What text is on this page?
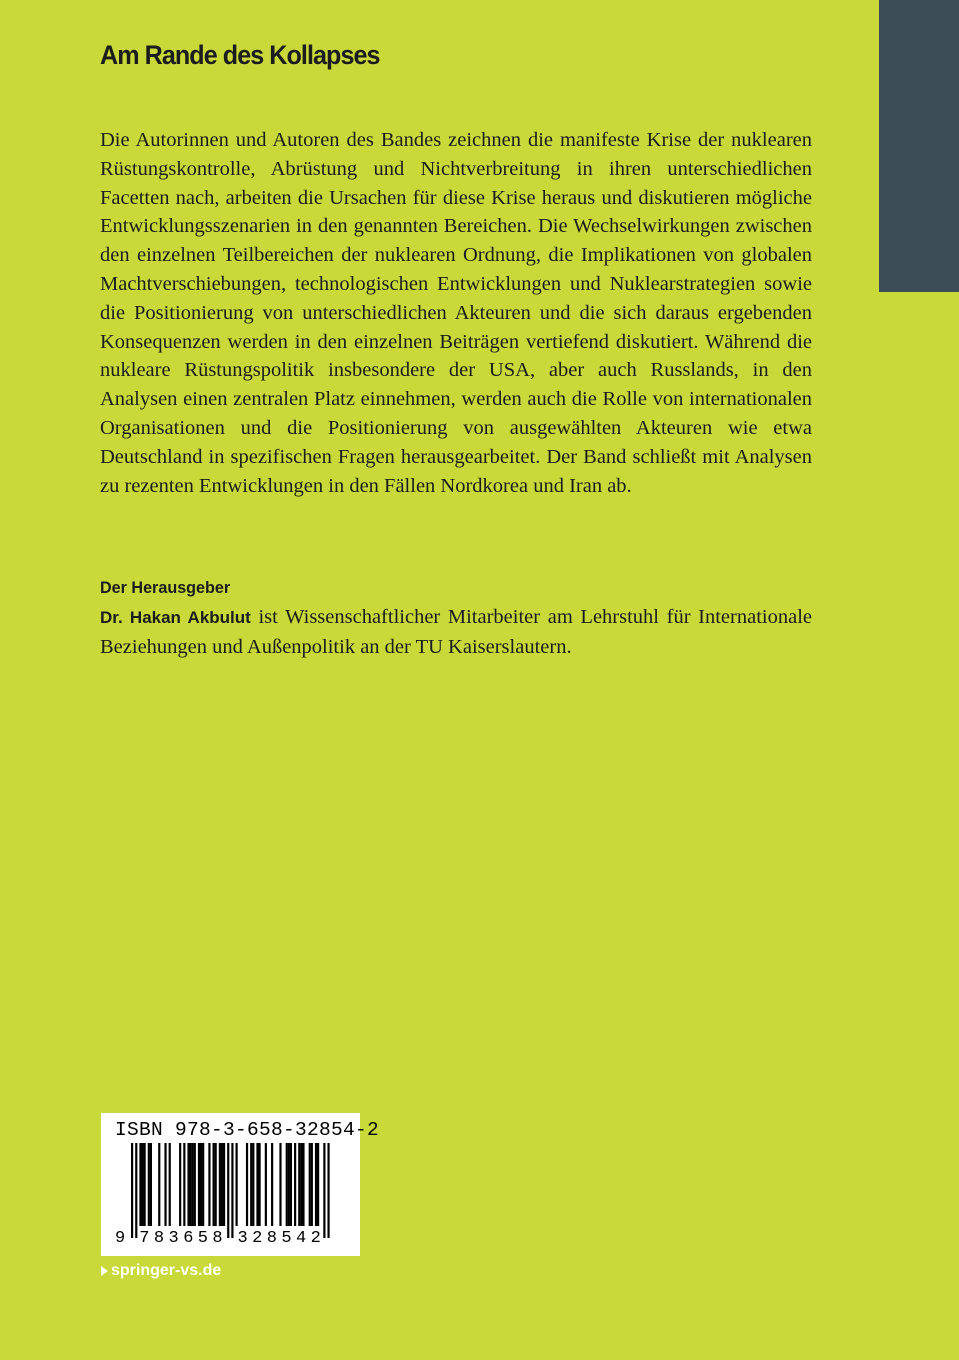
Am Rande des Kollapses

Die Autorinnen und Autoren des Bandes zeichnen die manifeste Krise der nuklearen Rüstungskontrolle, Abrüstung und Nichtverbreitung in ihren unterschiedlichen Facetten nach, arbeiten die Ursachen für diese Krise heraus und diskutieren mögliche Entwicklungsszenarien in den genannten Bereichen. Die Wechselwirkungen zwischen den einzelnen Teilbereichen der nuklearen Ordnung, die Implikationen von globalen Machtverschiebungen, technologischen Entwicklungen und Nuklearstrategien sowie die Positionierung von unterschiedlichen Akteuren und die sich daraus ergebenden Konsequenzen werden in den einzelnen Beiträgen vertiefend diskutiert. Während die nukleare Rüstungspolitik insbesondere der USA, aber auch Russlands, in den Analysen einen zentralen Platz einnehmen, werden auch die Rolle von internationalen Organisationen und die Positionierung von ausgewählten Akteuren wie etwa Deutschland in spezifischen Fragen herausgearbeitet. Der Band schließt mit Analysen zu rezenten Entwicklungen in den Fällen Nordkorea und Iran ab.

Der Herausgeber

Dr. Hakan Akbulut ist Wissenschaftlicher Mitarbeiter am Lehrstuhl für Internationale Beziehungen und Außenpolitik an der TU Kaiserslautern.

ISBN 978-3-658-32854-2
9 7 8 3 6 5 8 3 2 8 5 4 2
springer-vs.de
